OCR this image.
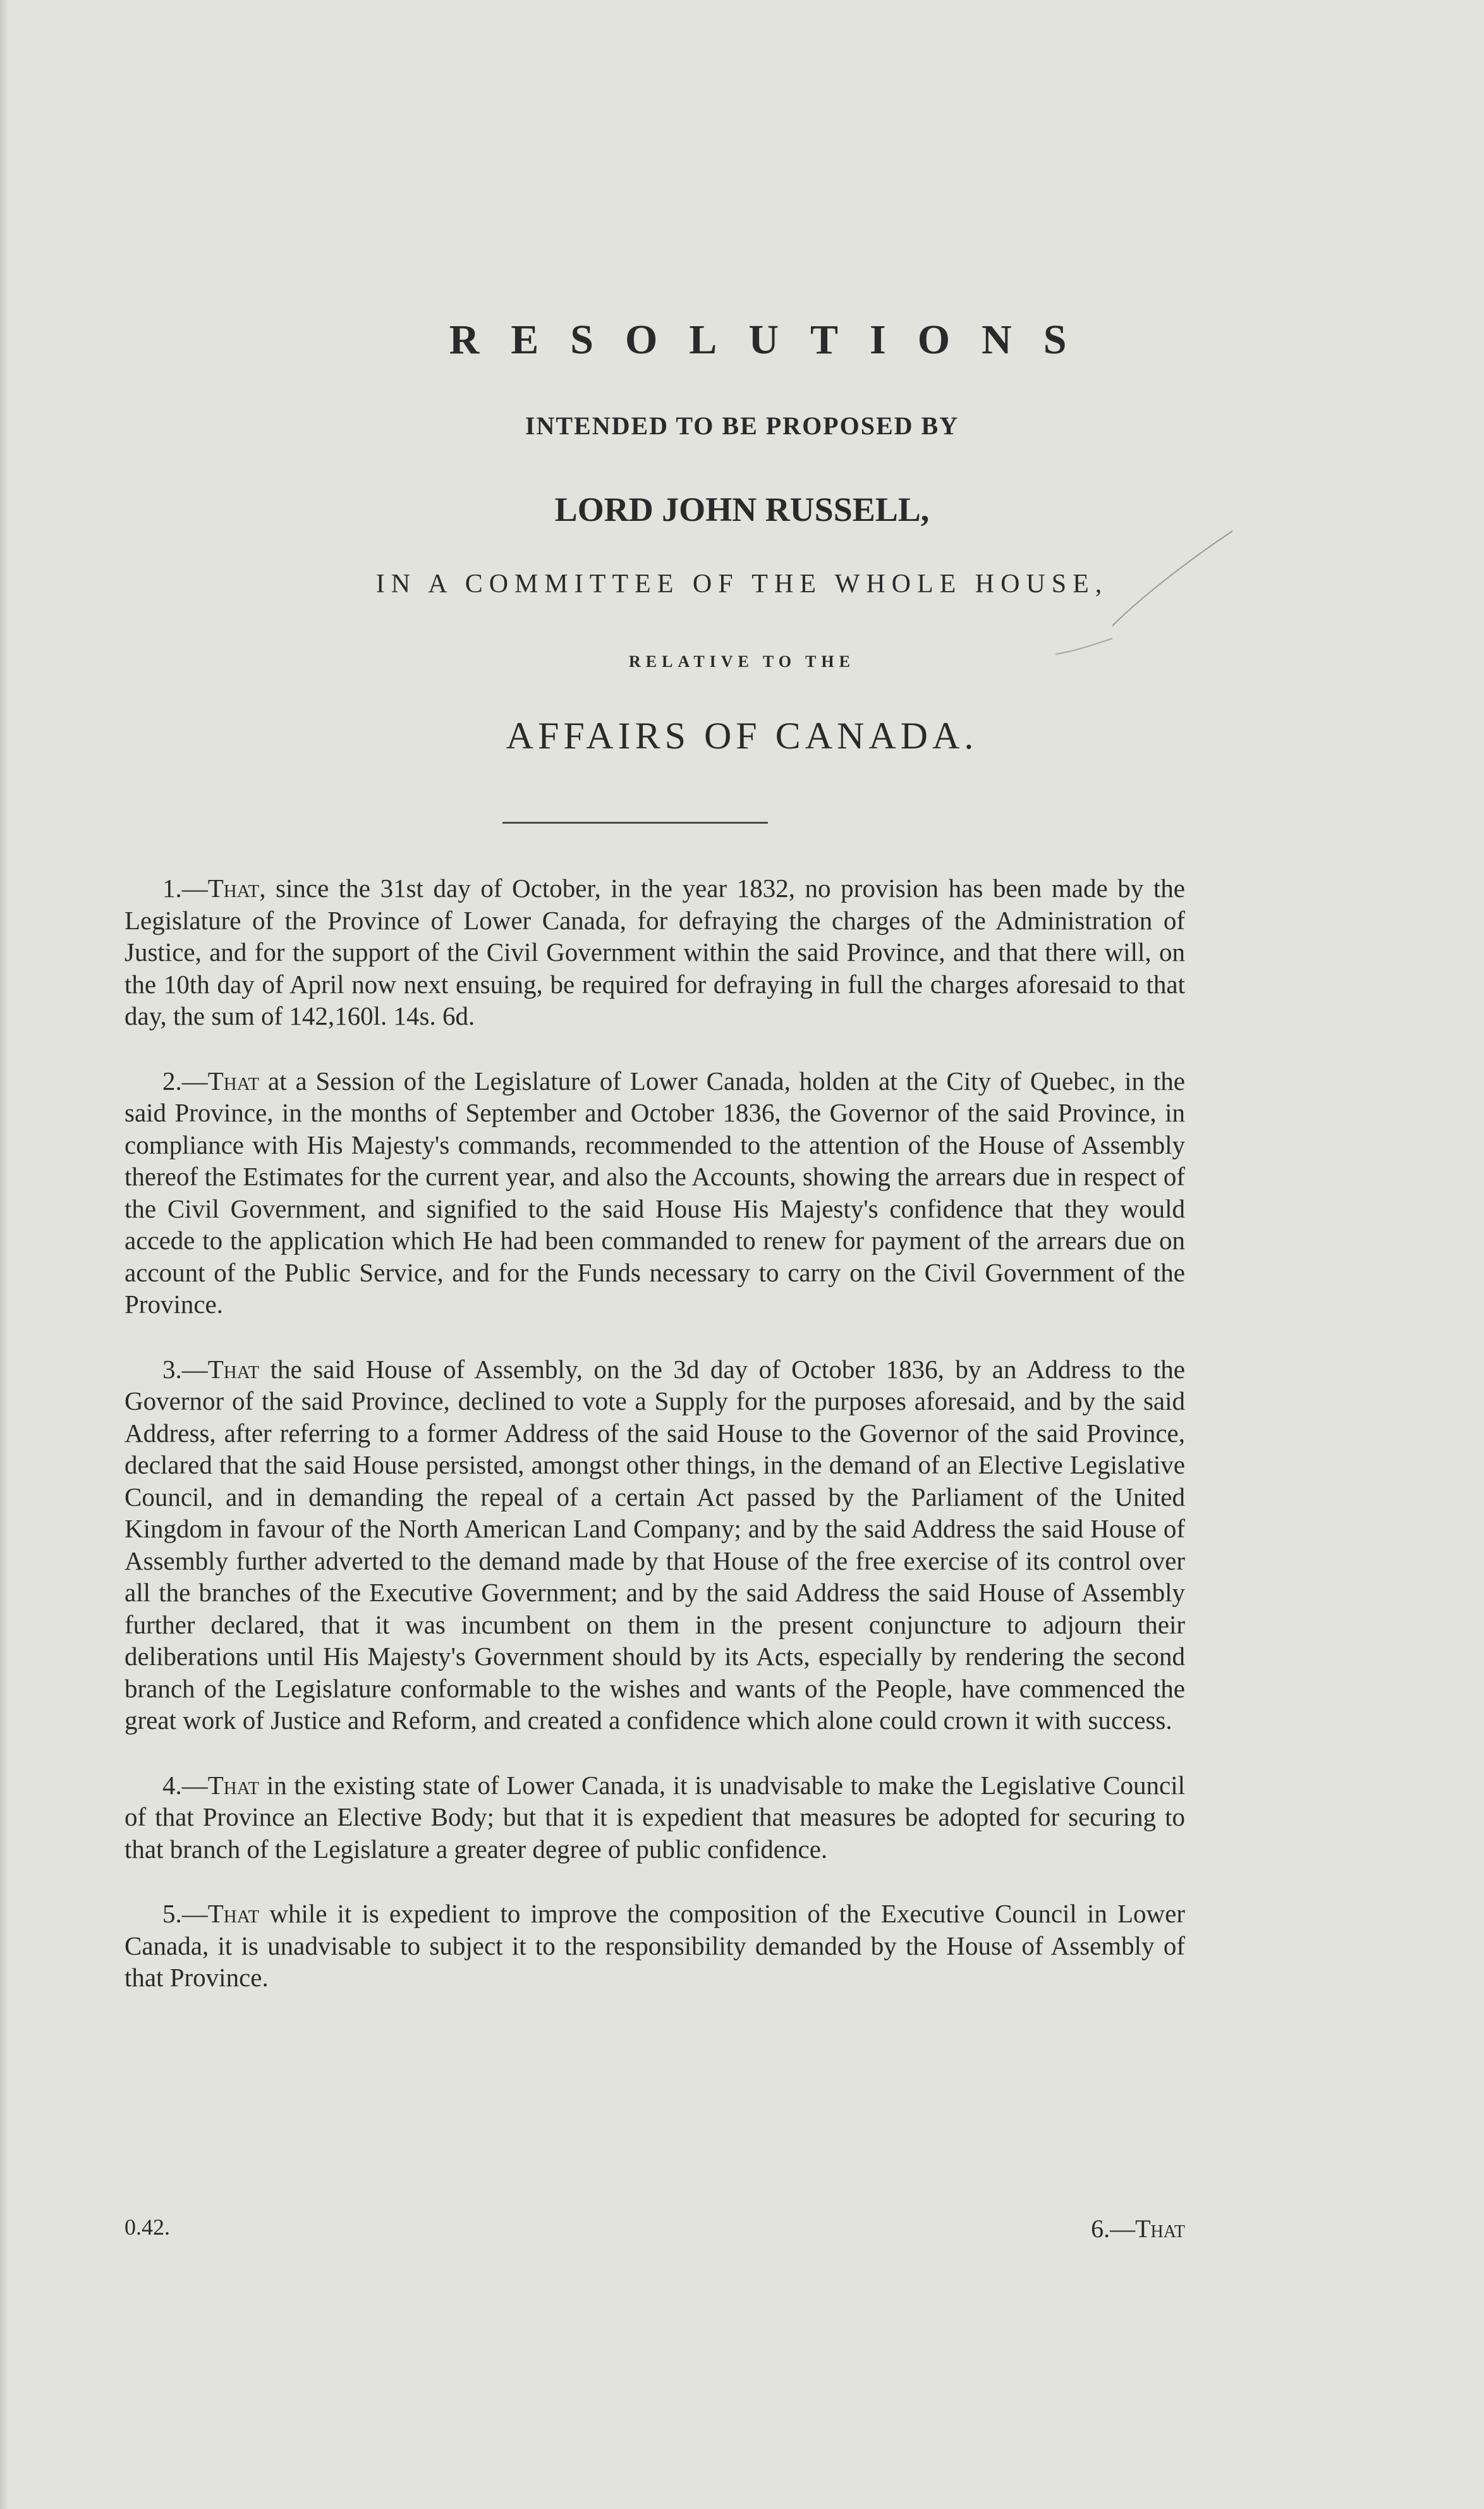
RESOLUTIONS
INTENDED TO BE PROPOSED BY
LORD JOHN RUSSELL,
IN A COMMITTEE OF THE WHOLE HOUSE,
RELATIVE TO THE
AFFAIRS OF CANADA.

1.—That, since the 31st day of October, in the year 1832, no provision has been made by the Legislature of the Province of Lower Canada, for defraying the charges of the Administration of Justice, and for the support of the Civil Government within the said Province, and that there will, on the 10th day of April now next ensuing, be required for defraying in full the charges aforesaid to that day, the sum of 142,160l. 14s. 6d.

2.—That at a Session of the Legislature of Lower Canada, holden at the City of Quebec, in the said Province, in the months of September and October 1836, the Governor of the said Province, in compliance with His Majesty's commands, recommended to the attention of the House of Assembly thereof the Estimates for the current year, and also the Accounts, showing the arrears due in respect of the Civil Government, and signified to the said House His Majesty's confidence that they would accede to the application which He had been commanded to renew for payment of the arrears due on account of the Public Service, and for the Funds necessary to carry on the Civil Government of the Province.

3.—That the said House of Assembly, on the 3d day of October 1836, by an Address to the Governor of the said Province, declined to vote a Supply for the purposes aforesaid, and by the said Address, after referring to a former Address of the said House to the Governor of the said Province, declared that the said House persisted, amongst other things, in the demand of an Elective Legislative Council, and in demanding the repeal of a certain Act passed by the Parliament of the United Kingdom in favour of the North American Land Company; and by the said Address the said House of Assembly further adverted to the demand made by that House of the free exercise of its control over all the branches of the Executive Government; and by the said Address the said House of Assembly further declared, that it was incumbent on them in the present conjuncture to adjourn their deliberations until His Majesty's Government should by its Acts, especially by rendering the second branch of the Legislature conformable to the wishes and wants of the People, have commenced the great work of Justice and Reform, and created a confidence which alone could crown it with success.

4.—That in the existing state of Lower Canada, it is unadvisable to make the Legislative Council of that Province an Elective Body; but that it is expedient that measures be adopted for securing to that branch of the Legislature a greater degree of public confidence.

5.—That while it is expedient to improve the composition of the Executive Council in Lower Canada, it is unadvisable to subject it to the responsibility demanded by the House of Assembly of that Province.

0.42.	6.—That
